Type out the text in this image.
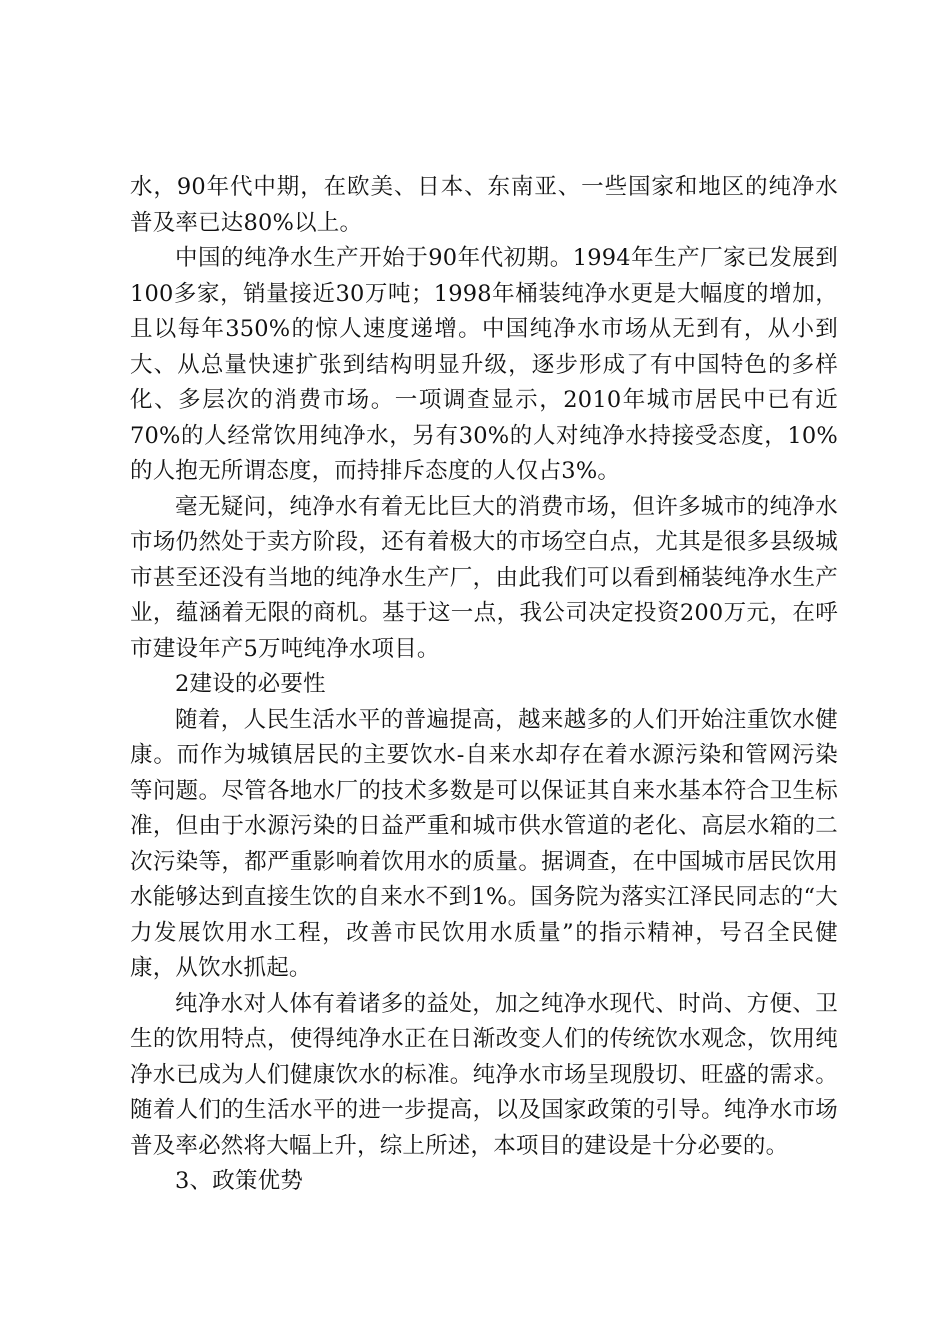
水，90年代中期，在欧美、日本、东南亚、一些国家和地区的纯净水普及率已达80%以上。

中国的纯净水生产开始于90年代初期。1994年生产厂家已发展到100多家，销量接近30万吨；1998年桶装纯净水更是大幅度的增加，且以每年350%的惊人速度递增。中国纯净水市场从无到有，从小到大、从总量快速扩张到结构明显升级，逐步形成了有中国特色的多样化、多层次的消费市场。一项调查显示，2010年城市居民中已有近70%的人经常饮用纯净水，另有30%的人对纯净水持接受态度，10%的人抱无所谓态度，而持排斥态度的人仅占3%。

毫无疑问，纯净水有着无比巨大的消费市场，但许多城市的纯净水市场仍然处于卖方阶段，还有着极大的市场空白点，尤其是很多县级城市甚至还没有当地的纯净水生产厂，由此我们可以看到桶装纯净水生产业，蕴涵着无限的商机。基于这一点，我公司决定投资200万元，在呼市建设年产5万吨纯净水项目。

2建设的必要性

随着，人民生活水平的普遍提高，越来越多的人们开始注重饮水健康。而作为城镇居民的主要饮水-自来水却存在着水源污染和管网污染等问题。尽管各地水厂的技术多数是可以保证其自来水基本符合卫生标准，但由于水源污染的日益严重和城市供水管道的老化、高层水箱的二次污染等，都严重影响着饮用水的质量。据调查，在中国城市居民饮用水能够达到直接生饮的自来水不到1%。国务院为落实江泽民同志的“大力发展饮用水工程，改善市民饮用水质量”的指示精神，号召全民健康，从饮水抓起。

纯净水对人体有着诸多的益处，加之纯净水现代、时尚、方便、卫生的饮用特点，使得纯净水正在日渐改变人们的传统饮水观念，饮用纯净水已成为人们健康饮水的标准。纯净水市场呈现殷切、旺盛的需求。随着人们的生活水平的进一步提高，以及国家政策的引导。纯净水市场普及率必然将大幅上升，综上所述，本项目的建设是十分必要的。

3、政策优势
